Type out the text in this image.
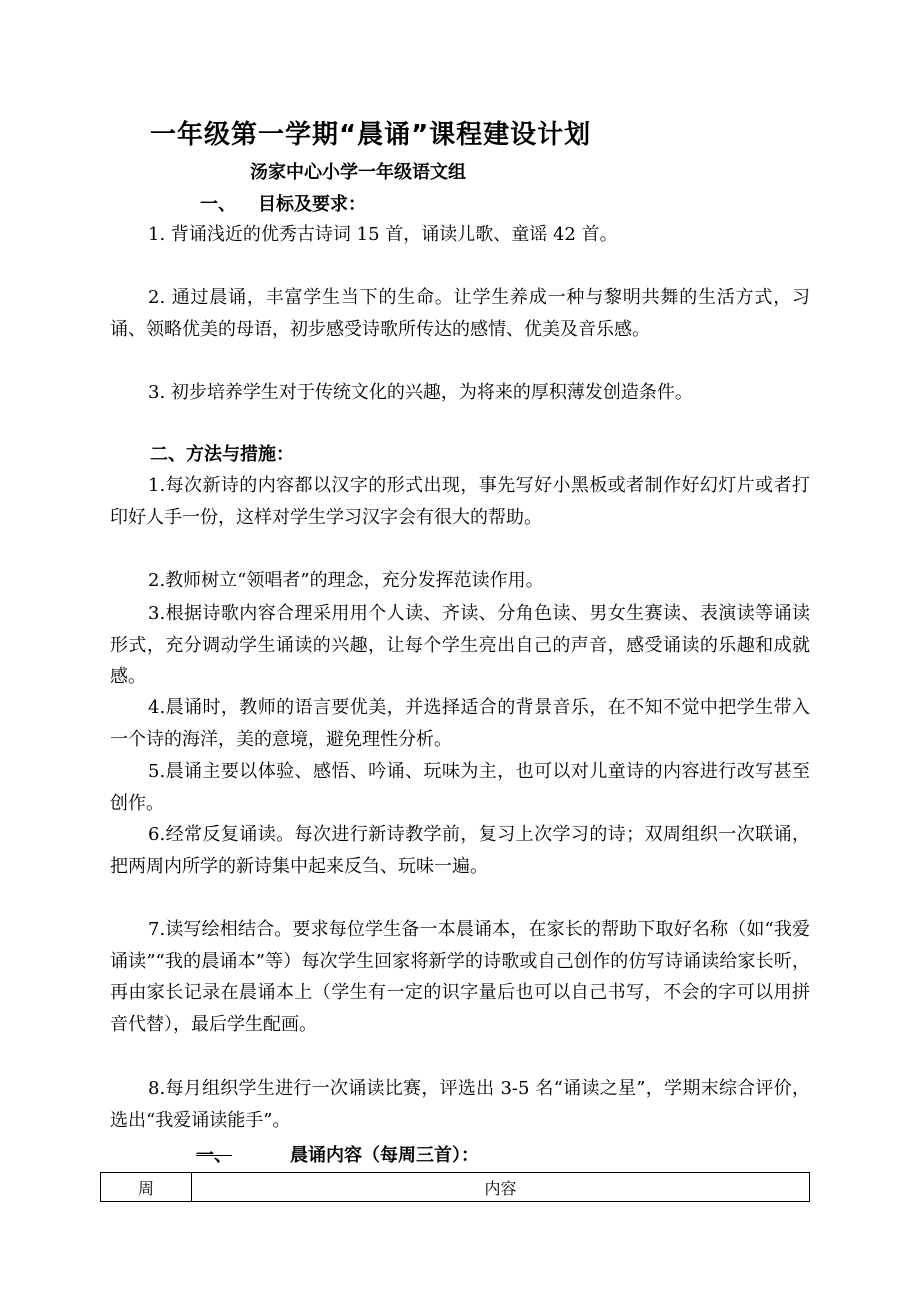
一年级第一学期“晨诵”课程建设计划
汤家中心小学一年级语文组
一、 目标及要求：
1. 背诵浅近的优秀古诗词 15 首，诵读儿歌、童谣 42 首。
2. 通过晨诵，丰富学生当下的生命。让学生养成一种与黎明共舞的生活方式，习诵、领略优美的母语，初步感受诗歌所传达的感情、优美及音乐感。
3. 初步培养学生对于传统文化的兴趣，为将来的厚积薄发创造条件。
二、方法与措施：
1.每次新诗的内容都以汉字的形式出现，事先写好小黑板或者制作好幻灯片或者打印好人手一份，这样对学生学习汉字会有很大的帮助。
2.教师树立“领唱者”的理念，充分发挥范读作用。
3.根据诗歌内容合理采用用个人读、齐读、分角色读、男女生赛读、表演读等诵读形式，充分调动学生诵读的兴趣，让每个学生亮出自己的声音，感受诵读的乐趣和成就感。
4.晨诵时，教师的语言要优美，并选择适合的背景音乐，在不知不觉中把学生带入一个诗的海洋，美的意境，避免理性分析。
5.晨诵主要以体验、感悟、吟诵、玩味为主，也可以对儿童诗的内容进行改写甚至创作。
6.经常反复诵读。每次进行新诗教学前，复习上次学习的诗；双周组织一次联诵，把两周内所学的新诗集中起来反刍、玩味一遍。
7.读写绘相结合。要求每位学生备一本晨诵本，在家长的帮助下取好名称（如“我爱诵读”“我的晨诵本”等）每次学生回家将新学的诗歌或自己创作的仿写诗诵读给家长听，再由家长记录在晨诵本上（学生有一定的识字量后也可以自己书写，不会的字可以用拼音代替），最后学生配画。
8.每月组织学生进行一次诵读比赛，评选出 3-5 名“诵读之星”，学期末综合评价，选出“我爱诵读能手”。
一、	晨诵内容（每周三首）：
周	内容
